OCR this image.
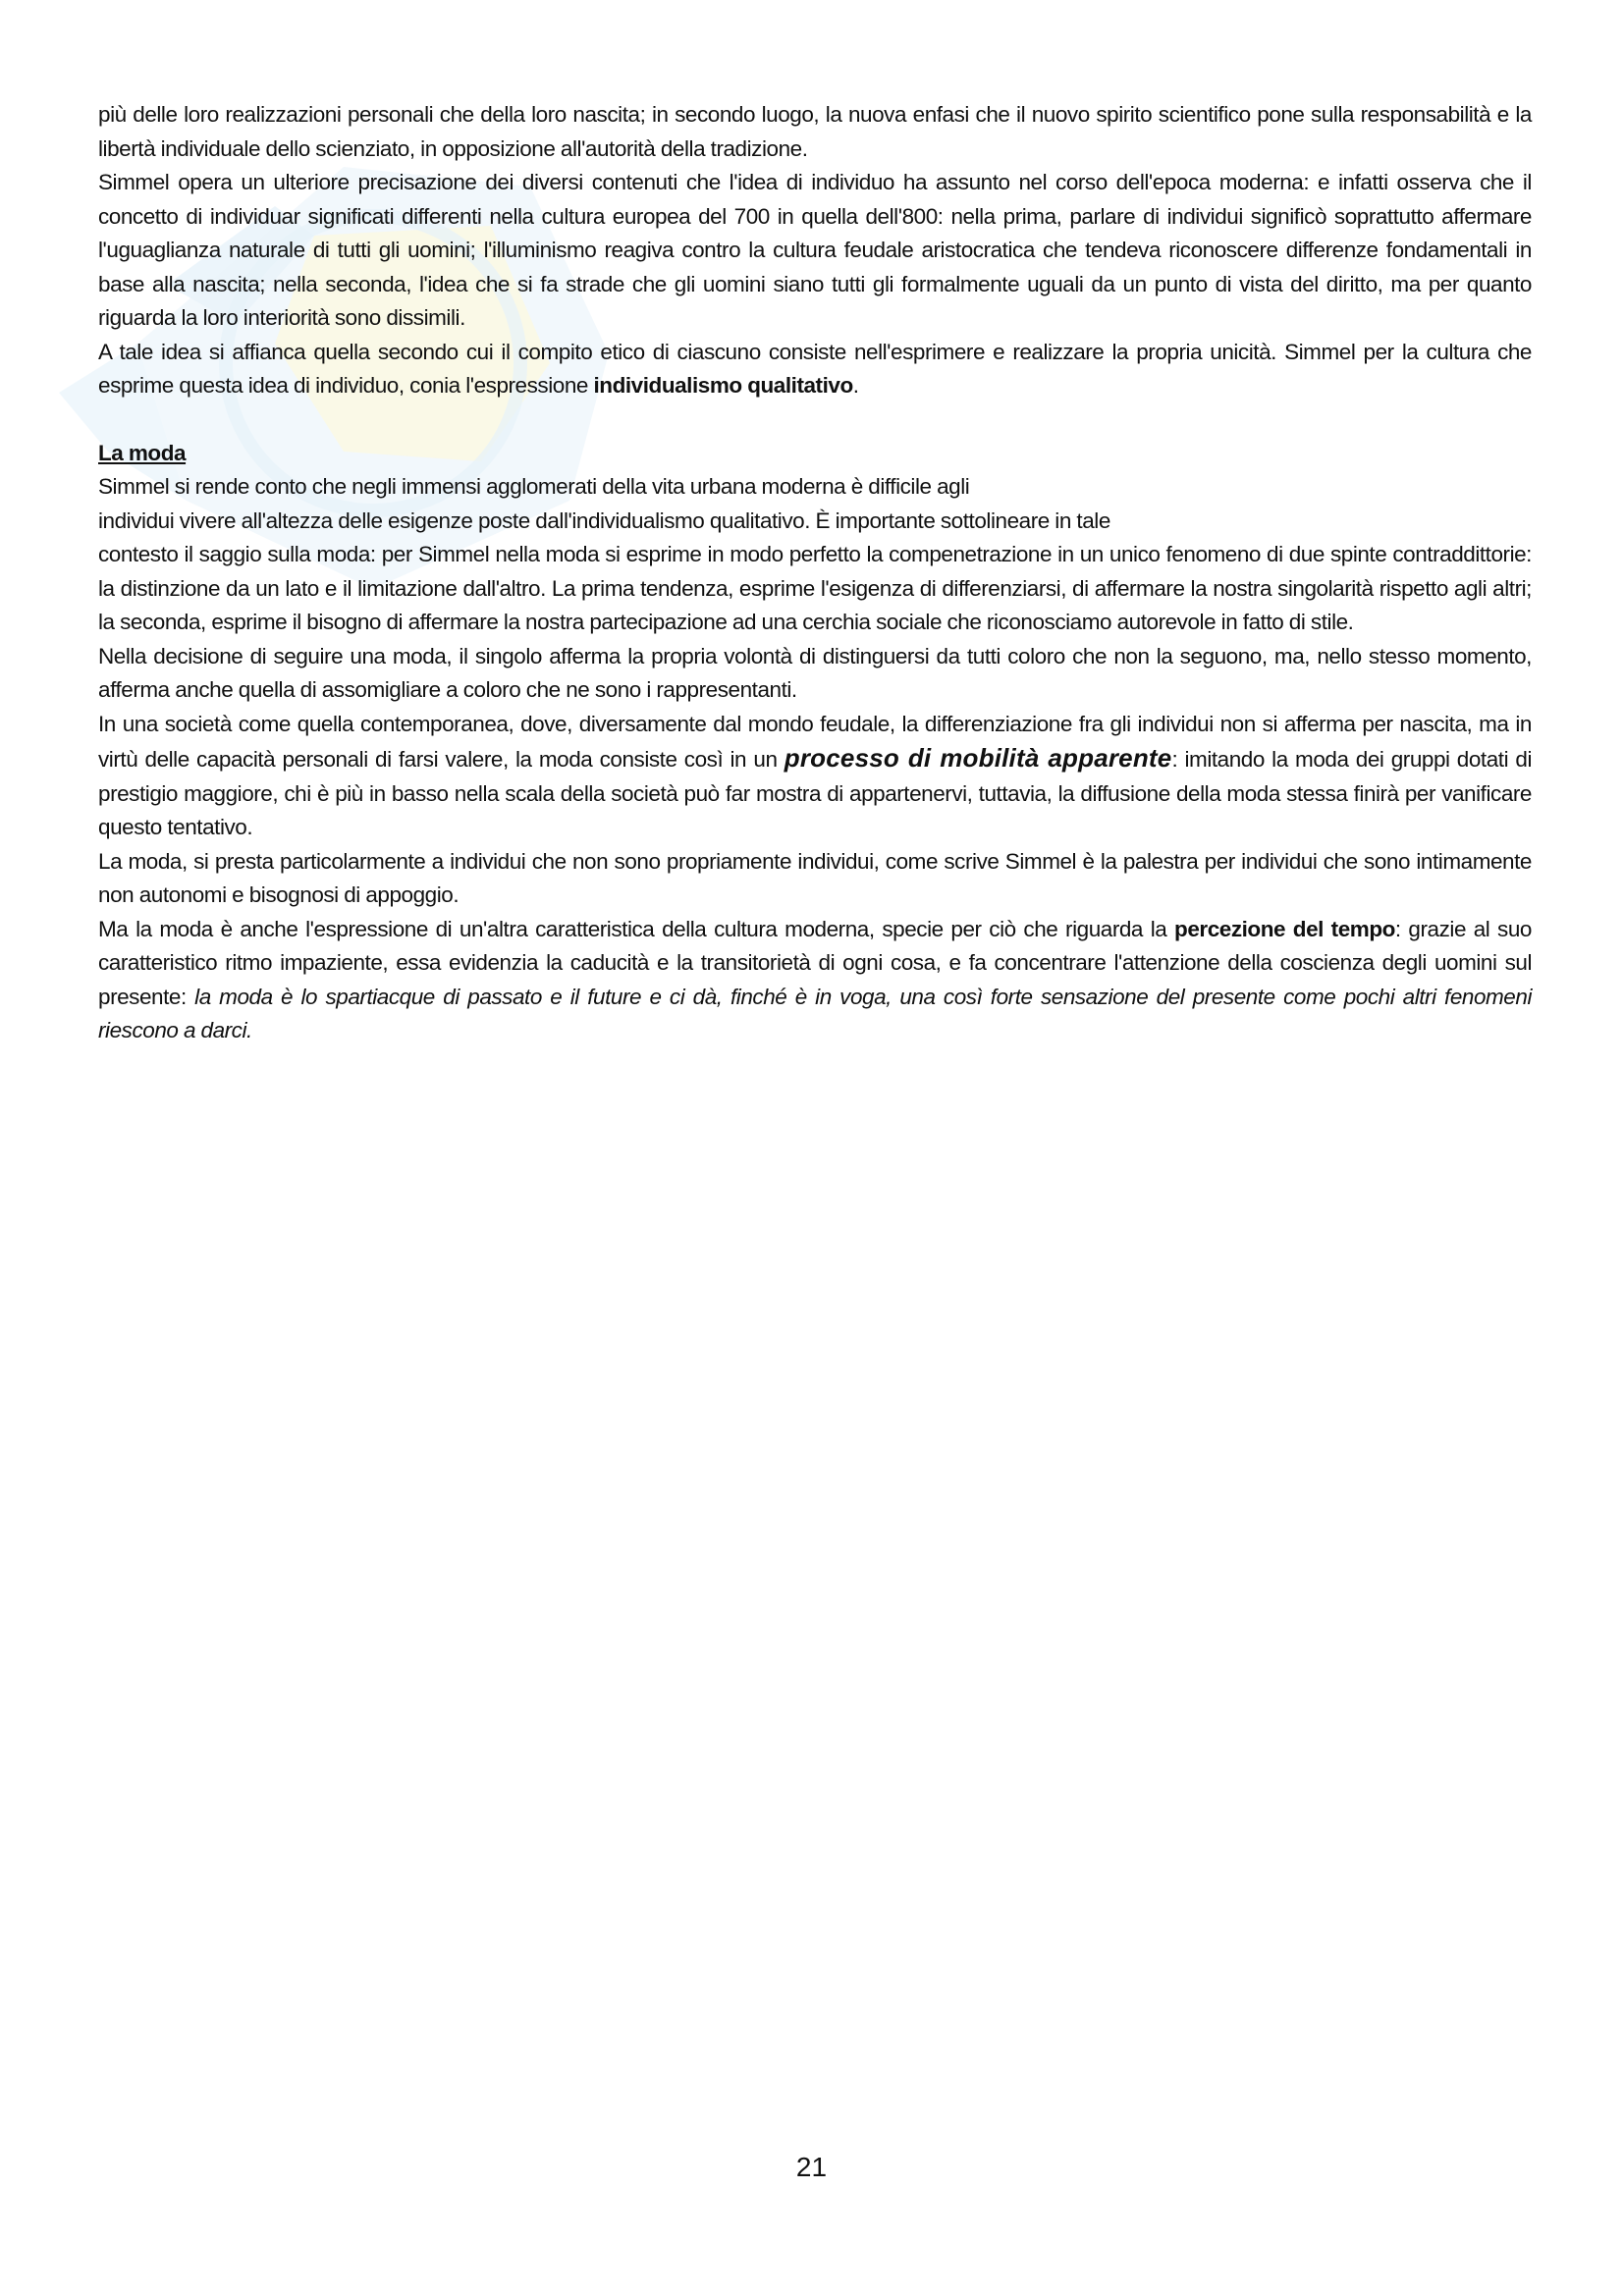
più delle loro realizzazioni personali che della loro nascita; in secondo luogo, la nuova enfasi che il nuovo spirito scientifico pone sulla responsabilità e la libertà individuale dello scienziato, in opposizione all'autorità della tradizione.

Simmel opera un ulteriore precisazione dei diversi contenuti che l'idea di individuo ha assunto nel corso dell'epoca moderna: e infatti osserva che il concetto di individuar significati differenti nella cultura europea del 700 in quella dell'800: nella prima, parlare di individui significò soprattutto affermare l'uguaglianza naturale di tutti gli uomini; l'illuminismo reagiva contro la cultura feudale aristocratica che tendeva riconoscere differenze fondamentali in base alla nascita; nella seconda, l'idea che si fa strade che gli uomini siano tutti gli formalmente uguali da un punto di vista del diritto, ma per quanto riguarda la loro interiorità sono dissimili.

A tale idea si affianca quella secondo cui il compito etico di ciascuno consiste nell'esprimere e realizzare la propria unicità. Simmel per la cultura che esprime questa idea di individuo, conia l'espressione individualismo qualitativo.

La moda

Simmel si rende conto che negli immensi agglomerati della vita urbana moderna è difficile agli

individui vivere all'altezza delle esigenze poste dall'individualismo qualitativo. È importante sottolineare in tale

contesto il saggio sulla moda: per Simmel nella moda si esprime in modo perfetto la compenetrazione in un unico fenomeno di due spinte contraddittorie: la distinzione da un lato e il limitazione dall'altro. La prima tendenza, esprime l'esigenza di differenziarsi, di affermare la nostra singolarità rispetto agli altri; la seconda, esprime il bisogno di affermare la nostra partecipazione ad una cerchia sociale che riconosciamo autorevole in fatto di stile.

Nella decisione di seguire una moda, il singolo afferma la propria volontà di distinguersi da tutti coloro che non la seguono, ma, nello stesso momento, afferma anche quella di assomigliare a coloro che ne sono i rappresentanti.

In una società come quella contemporanea, dove, diversamente dal mondo feudale, la differenziazione fra gli individui non si afferma per nascita, ma in virtù delle capacità personali di farsi valere, la moda consiste così in un processo di mobilità apparente: imitando la moda dei gruppi dotati di prestigio maggiore, chi è più in basso nella scala della società può far mostra di appartenervi, tuttavia, la diffusione della moda stessa finirà per vanificare questo tentativo.

La moda, si presta particolarmente a individui che non sono propriamente individui, come scrive Simmel è la palestra per individui che sono intimamente non autonomi e bisognosi di appoggio.

Ma la moda è anche l'espressione di un'altra caratteristica della cultura moderna, specie per ciò che riguarda la percezione del tempo: grazie al suo caratteristico ritmo impaziente, essa evidenzia la caducità e la transitorietà di ogni cosa, e fa concentrare l'attenzione della coscienza degli uomini sul presente: la moda è lo spartiacque di passato e il future e ci dà, finché è in voga, una così forte sensazione del presente come pochi altri fenomeni riescono a darci.

21
